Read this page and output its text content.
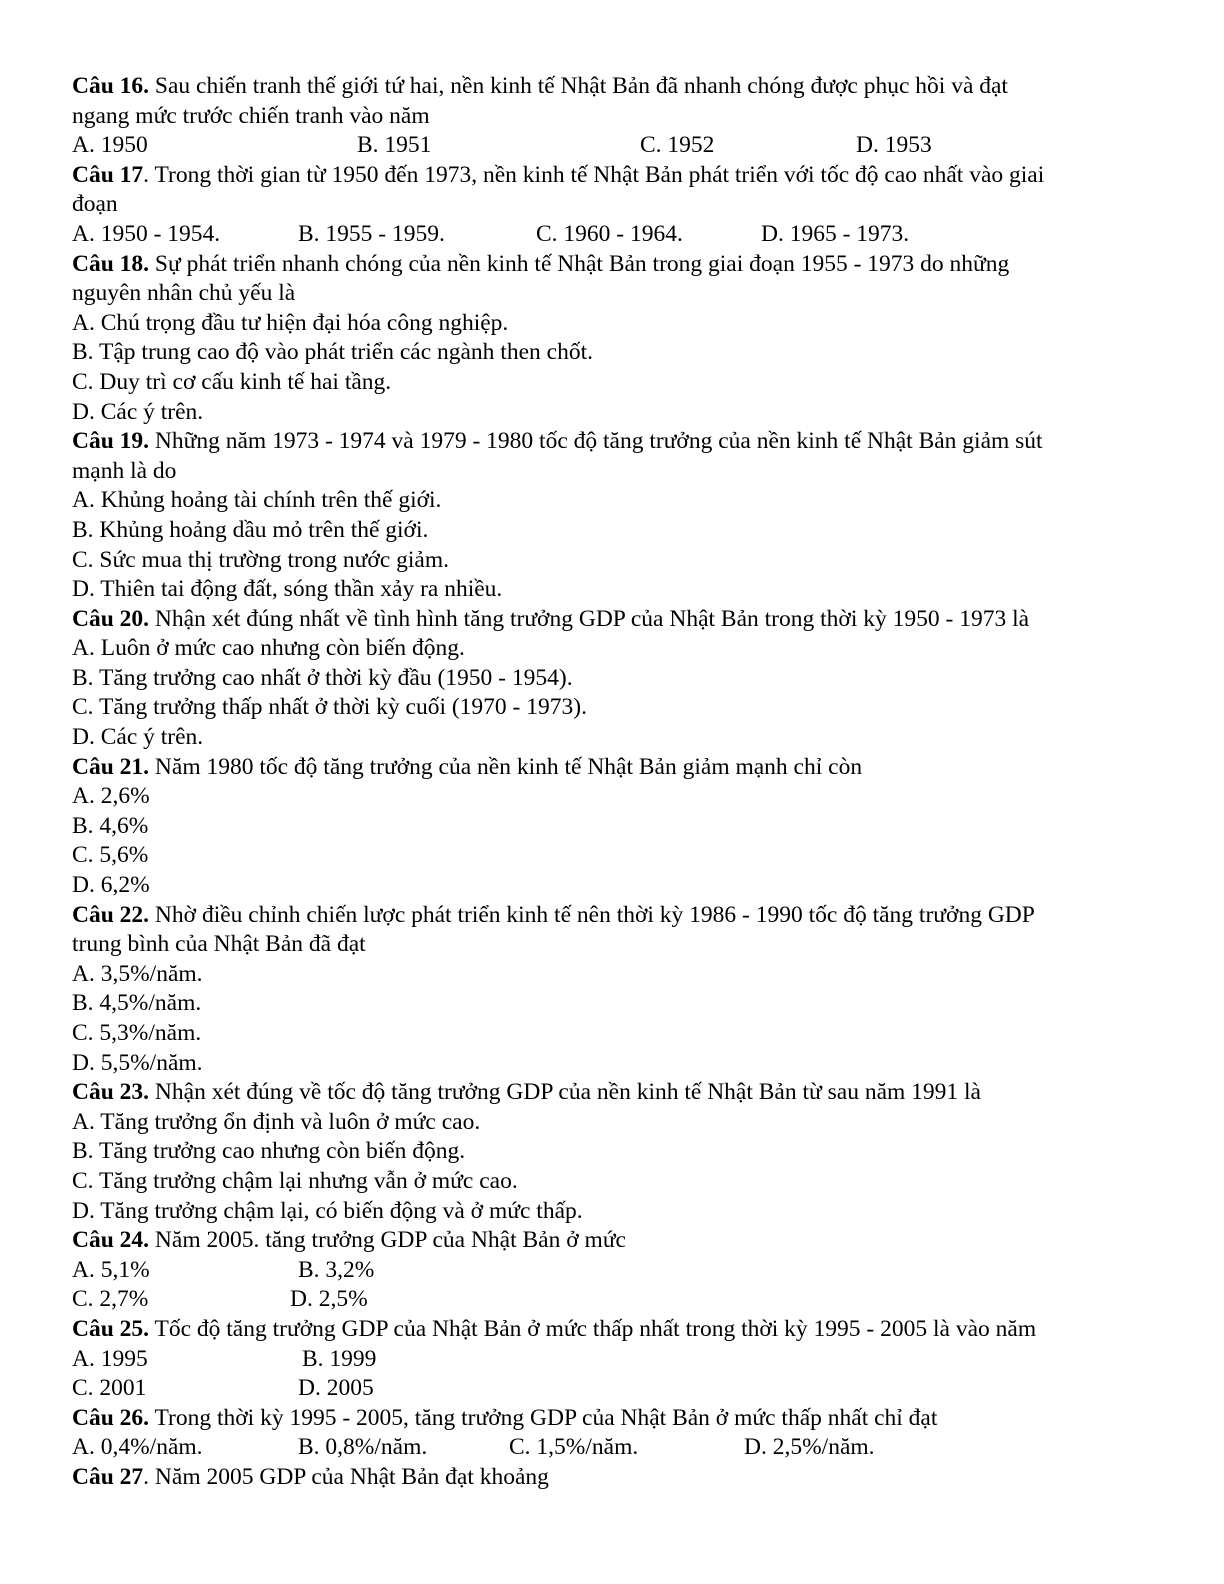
Câu 16. Sau chiến tranh thế giới tứ hai, nền kinh tế Nhật Bản đã nhanh chóng được phục hồi và đạt
ngang mức trước chiến tranh vào năm
A. 1950	B. 1951	C. 1952	D. 1953
Câu 17. Trong thời gian từ 1950 đến 1973, nền kinh tế Nhật Bản phát triển với tốc độ cao nhất vào giai
đoạn
A. 1950 - 1954.	B. 1955 - 1959.	C. 1960 - 1964.	D. 1965 - 1973.
Câu 18. Sự phát triển nhanh chóng của nền kinh tế Nhật Bản trong giai đoạn 1955 - 1973 do những
nguyên nhân chủ yếu là
A. Chú trọng đầu tư hiện đại hóa công nghiệp.
B. Tập trung cao độ vào phát triển các ngành then chốt.
C. Duy trì cơ cấu kinh tế hai tầng.
D. Các ý trên.
Câu 19. Những năm 1973 - 1974 và 1979 - 1980 tốc độ tăng trưởng của nền kinh tế Nhật Bản giảm sút
mạnh là do
A. Khủng hoảng tài chính trên thế giới.
B. Khủng hoảng dầu mỏ trên thế giới.
C. Sức mua thị trường trong nước giảm.
D. Thiên tai động đất, sóng thần xảy ra nhiều.
Câu 20. Nhận xét đúng nhất về tình hình tăng trưởng GDP của Nhật Bản trong thời kỳ 1950 - 1973 là
A. Luôn ở mức cao nhưng còn biến động.
B. Tăng trưởng cao nhất ở thời kỳ đầu (1950 - 1954).
C. Tăng trưởng thấp nhất ở thời kỳ cuối (1970 - 1973).
D. Các ý trên.
Câu 21. Năm 1980 tốc độ tăng trưởng của nền kinh tế Nhật Bản giảm mạnh chỉ còn
A. 2,6%
B. 4,6%
C. 5,6%
D. 6,2%
Câu 22. Nhờ điều chỉnh chiến lược phát triển kinh tế nên thời kỳ 1986 - 1990 tốc độ tăng trưởng GDP
trung bình của Nhật Bản đã đạt
A. 3,5%/năm.
B. 4,5%/năm.
C. 5,3%/năm.
D. 5,5%/năm.
Câu 23. Nhận xét đúng về tốc độ tăng trưởng GDP của nền kinh tế Nhật Bản từ sau năm 1991 là
A. Tăng trưởng ổn định và luôn ở mức cao.
B. Tăng trưởng cao nhưng còn biến động.
C. Tăng trưởng chậm lại nhưng vẫn ở mức cao.
D. Tăng trưởng chậm lại, có biến động và ở mức thấp.
Câu 24. Năm 2005. tăng trưởng GDP của Nhật Bản ở mức
A. 5,1%	B. 3,2%
C. 2,7%	D. 2,5%
Câu 25. Tốc độ tăng trưởng GDP của Nhật Bản ở mức thấp nhất trong thời kỳ 1995 - 2005 là vào năm
A. 1995	B. 1999
C. 2001	D. 2005
Câu 26. Trong thời kỳ 1995 - 2005, tăng trưởng GDP của Nhật Bản ở mức thấp nhất chỉ đạt
A. 0,4%/năm.	B. 0,8%/năm.	C. 1,5%/năm.	D. 2,5%/năm.
Câu 27. Năm 2005 GDP của Nhật Bản đạt khoảng
